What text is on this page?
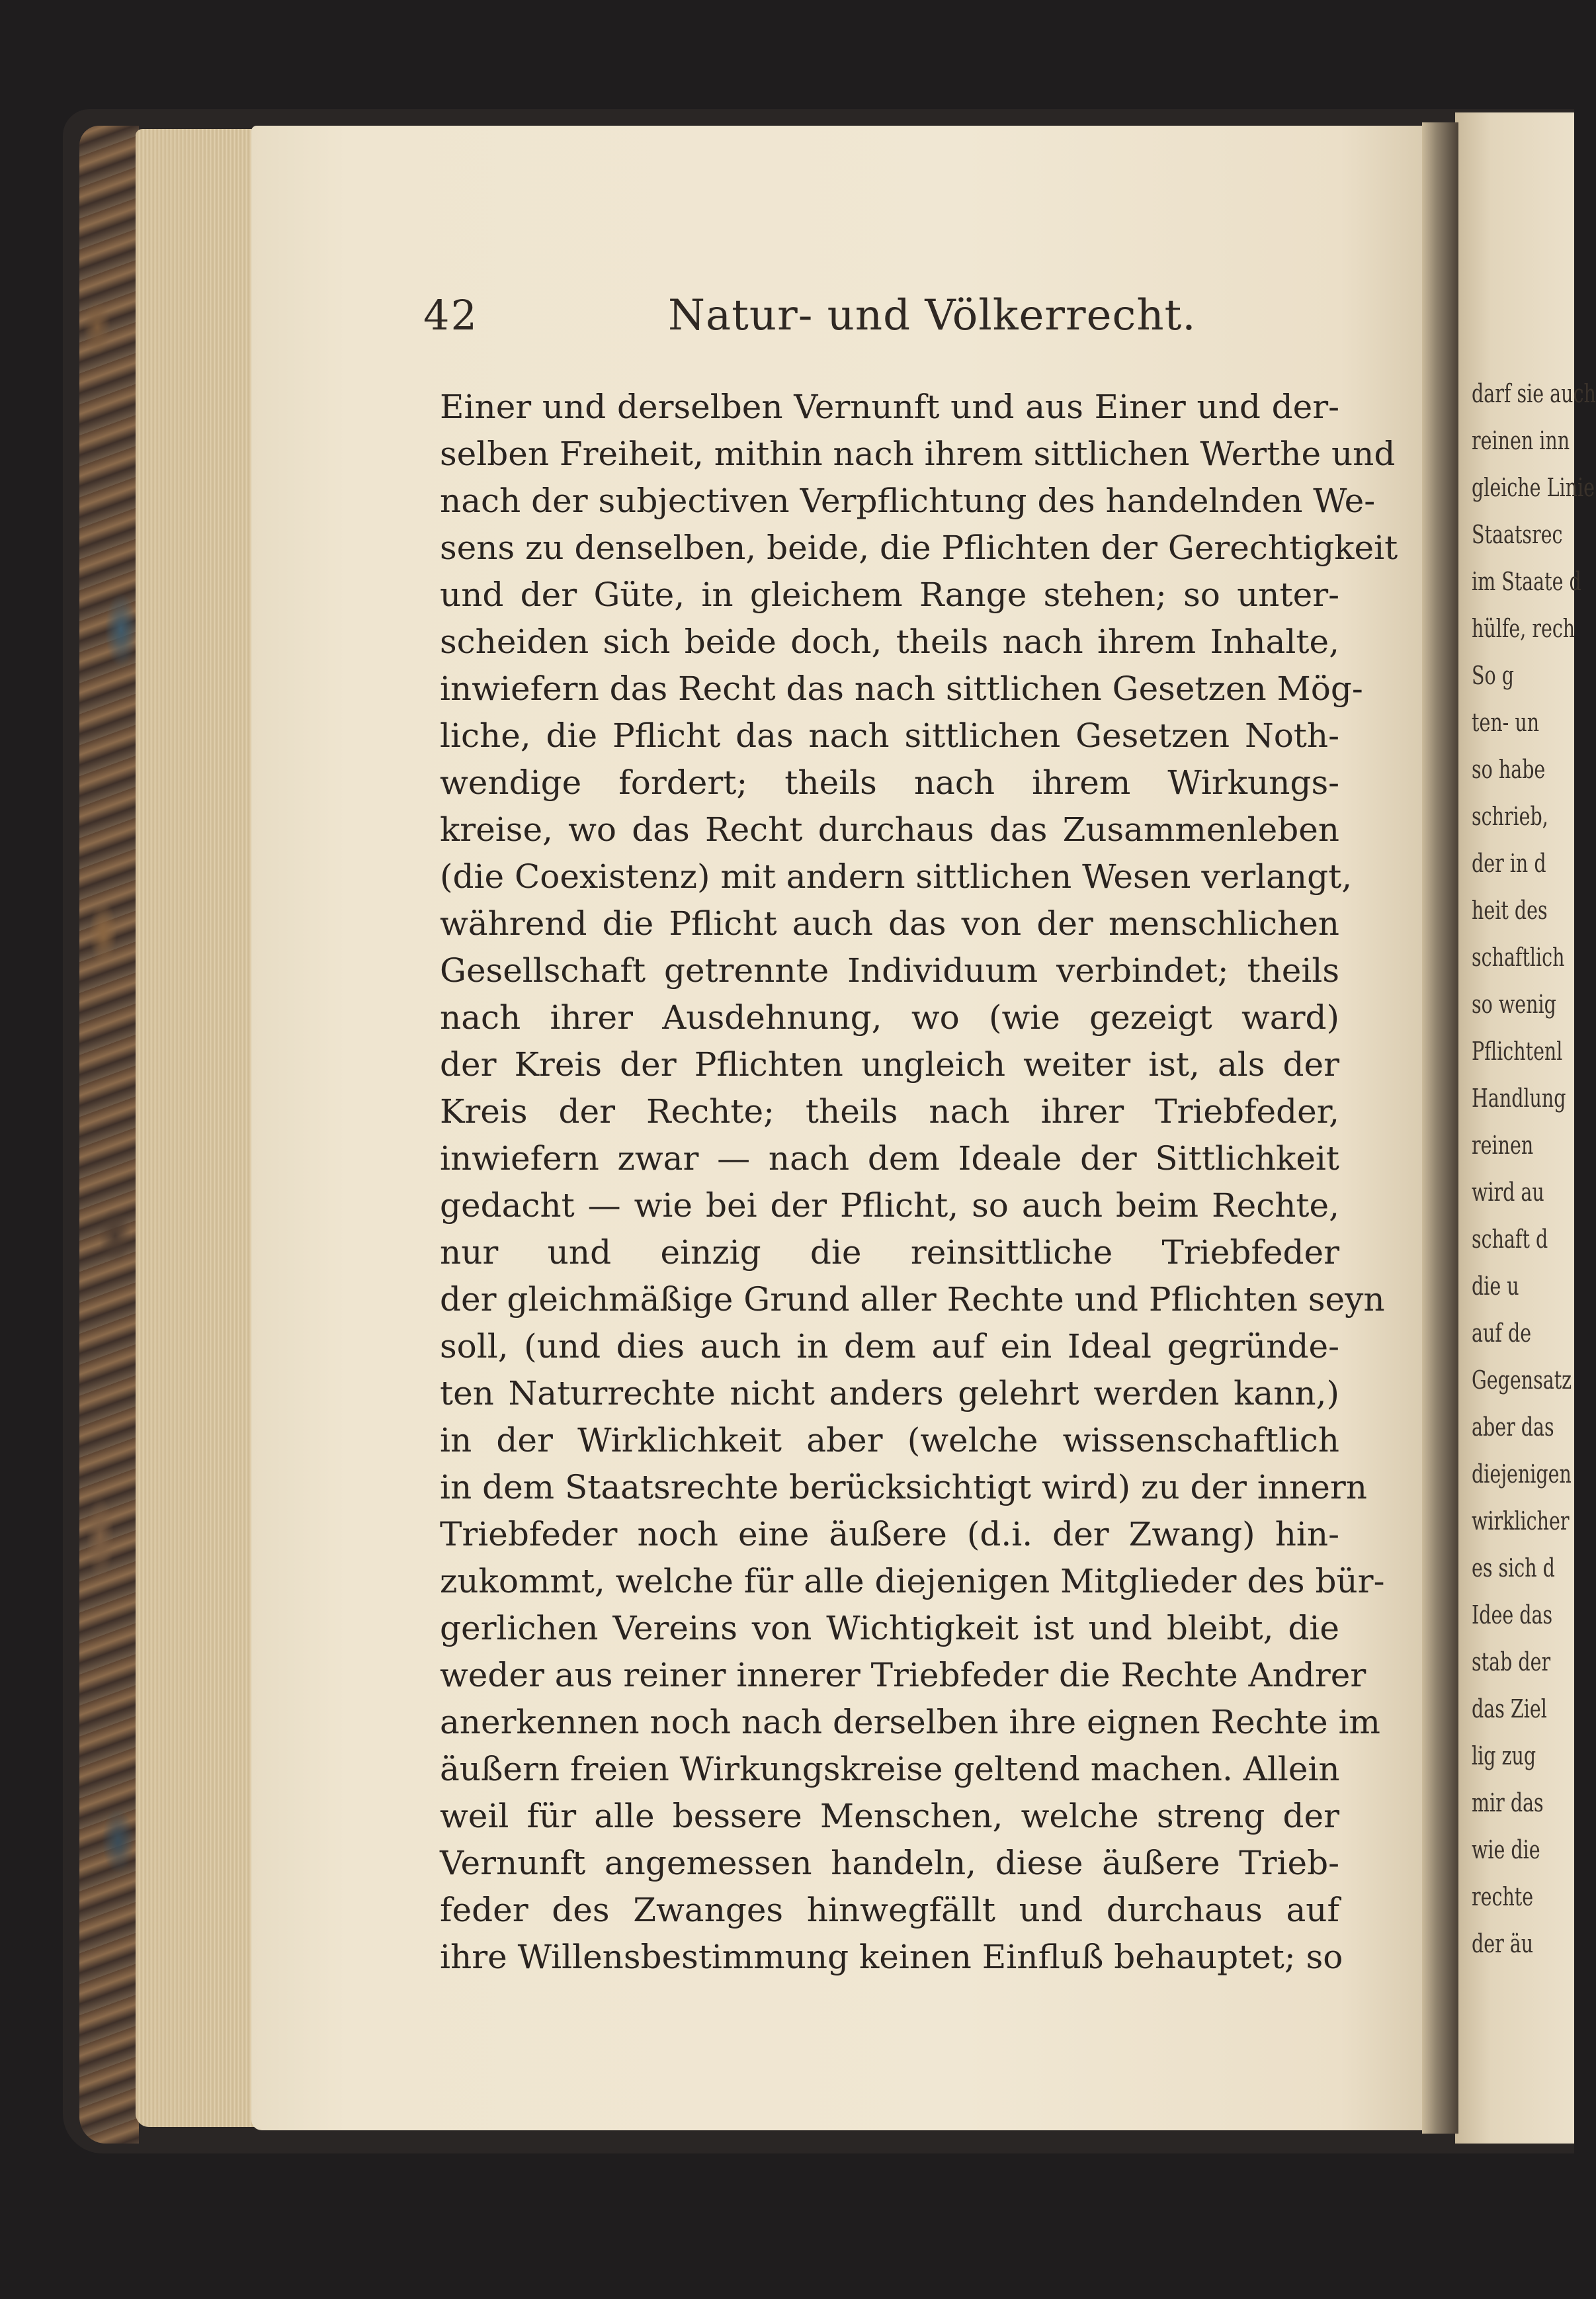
42	Natur- und Völkerrecht.
Einer und derselben Vernunft und aus Einer und der-
selben Freiheit, mithin nach ihrem sittlichen Werthe und
nach der subjectiven Verpflichtung des handelnden We-
sens zu denselben, beide, die Pflichten der Gerechtigkeit
und der Güte, in gleichem Range stehen; so unter-
scheiden sich beide doch, theils nach ihrem Inhalte,
inwiefern das Recht das nach sittlichen Gesetzen Mög-
liche, die Pflicht das nach sittlichen Gesetzen Noth-
wendige fordert; theils nach ihrem Wirkungs-
kreise, wo das Recht durchaus das Zusammenleben
(die Coexistenz) mit andern sittlichen Wesen verlangt,
während die Pflicht auch das von der menschlichen
Gesellschaft getrennte Individuum verbindet; theils
nach ihrer Ausdehnung, wo (wie gezeigt ward)
der Kreis der Pflichten ungleich weiter ist, als der
Kreis der Rechte; theils nach ihrer Triebfeder,
inwiefern zwar — nach dem Ideale der Sittlichkeit
gedacht — wie bei der Pflicht, so auch beim Rechte,
nur und einzig die reinsittliche Triebfeder
der gleichmäßige Grund aller Rechte und Pflichten seyn
soll, (und dies auch in dem auf ein Ideal gegründe-
ten Naturrechte nicht anders gelehrt werden kann,)
in der Wirklichkeit aber (welche wissenschaftlich
in dem Staatsrechte berücksichtigt wird) zu der innern
Triebfeder noch eine äußere (d.i. der Zwang) hin-
zukommt, welche für alle diejenigen Mitglieder des bür-
gerlichen Vereins von Wichtigkeit ist und bleibt, die
weder aus reiner innerer Triebfeder die Rechte Andrer
anerkennen noch nach derselben ihre eignen Rechte im
äußern freien Wirkungskreise geltend machen. Allein
weil für alle bessere Menschen, welche streng der
Vernunft angemessen handeln, diese äußere Trieb-
feder des Zwanges hinwegfällt und durchaus auf
ihre Willensbestimmung keinen Einfluß behauptet; so
darf sie auch
reinen inn
gleiche Linie
Staatsrec
im Staate d
hülfe, rech
So g
ten- un
so habe
schrieb,
der in d
heit des
schaftlich
so wenig
Pflichtenl
Handlung
reinen
wird au
schaft d
die u
auf de
Gegensatz
aber das
diejenigen
wirklicher
es sich d
Idee das
stab der
das Ziel
lig zug
mir das
wie die
rechte
der äu
